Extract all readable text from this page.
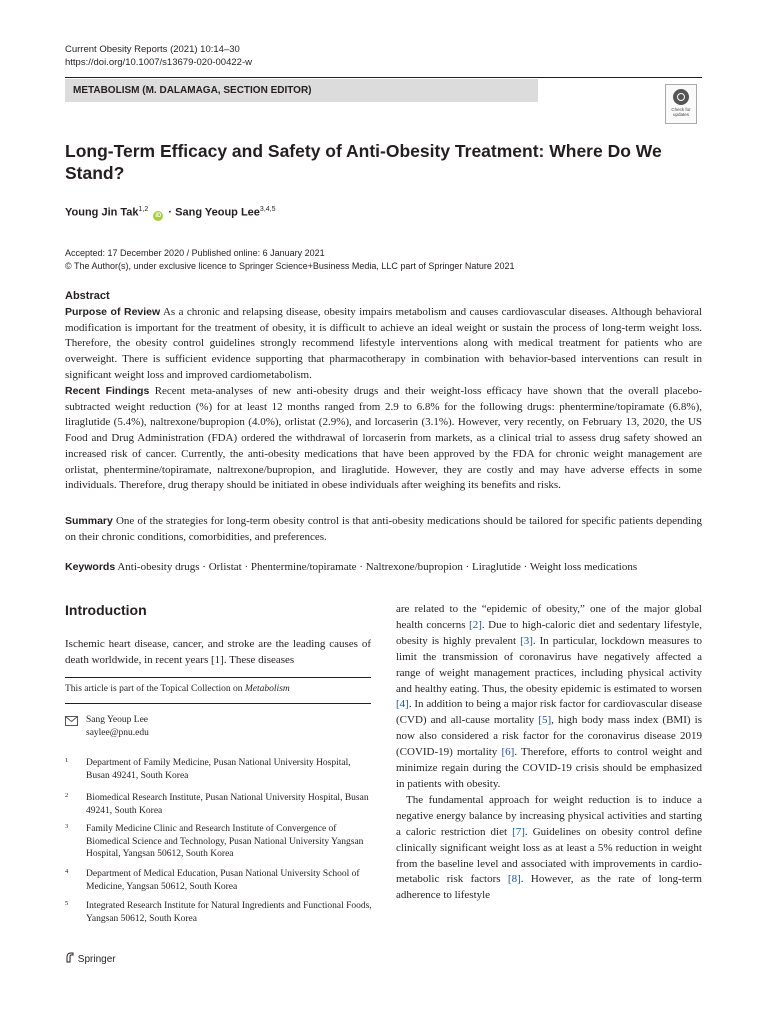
Current Obesity Reports (2021) 10:14–30
https://doi.org/10.1007/s13679-020-00422-w
METABOLISM (M. DALAMAGA, SECTION EDITOR)
Check for updates
Long-Term Efficacy and Safety of Anti-Obesity Treatment: Where Do We Stand?
Young Jin Tak$^{1,2}$ iD · Sang Yeoup Lee$^{3,4,5}$
Accepted: 17 December 2020 / Published online: 6 January 2021
© The Author(s), under exclusive licence to Springer Science+Business Media, LLC part of Springer Nature 2021
Abstract
Purpose of Review As a chronic and relapsing disease, obesity impairs metabolism and causes cardiovascular diseases. Although behavioral modification is important for the treatment of obesity, it is difficult to achieve an ideal weight or sustain the process of long-term weight loss. Therefore, the obesity control guidelines strongly recommend lifestyle interventions along with medical treatment for patients who are overweight. There is sufficient evidence supporting that pharmacotherapy in combination with behavior-based interventions can result in significant weight loss and improved cardiometabolism.
Recent Findings Recent meta-analyses of new anti-obesity drugs and their weight-loss efficacy have shown that the overall placebo-subtracted weight reduction (%) for at least 12 months ranged from 2.9 to 6.8% for the following drugs: phentermine/topiramate (6.8%), liraglutide (5.4%), naltrexone/bupropion (4.0%), orlistat (2.9%), and lorcaserin (3.1%). However, very recently, on February 13, 2020, the US Food and Drug Administration (FDA) ordered the withdrawal of lorcaserin from markets, as a clinical trial to assess drug safety showed an increased risk of cancer. Currently, the anti-obesity medications that have been approved by the FDA for chronic weight management are orlistat, phentermine/topiramate, naltrexone/bupropion, and liraglutide. However, they are costly and may have adverse effects in some individuals. Therefore, drug therapy should be initiated in obese individuals after weighing its benefits and risks.
Summary One of the strategies for long-term obesity control is that anti-obesity medications should be tailored for specific patients depending on their chronic conditions, comorbidities, and preferences.
Keywords Anti-obesity drugs · Orlistat · Phentermine/topiramate · Naltrexone/bupropion · Liraglutide · Weight loss medications
Introduction
Ischemic heart disease, cancer, and stroke are the leading causes of death worldwide, in recent years [1]. These diseases
This article is part of the Topical Collection on Metabolism
Sang Yeoup Lee
saylee@pnu.edu
1 Department of Family Medicine, Pusan National University Hospital, Busan 49241, South Korea
2 Biomedical Research Institute, Pusan National University Hospital, Busan 49241, South Korea
3 Family Medicine Clinic and Research Institute of Convergence of Biomedical Science and Technology, Pusan National University Yangsan Hospital, Yangsan 50612, South Korea
4 Department of Medical Education, Pusan National University School of Medicine, Yangsan 50612, South Korea
5 Integrated Research Institute for Natural Ingredients and Functional Foods, Yangsan 50612, South Korea
Springer

are related to the “epidemic of obesity,” one of the major global health concerns [2]. Due to high-caloric diet and sedentary lifestyle, obesity is highly prevalent [3]. In particular, lockdown measures to limit the transmission of coronavirus have negatively affected a range of weight management practices, including physical activity and healthy eating. Thus, the obesity epidemic is estimated to worsen [4]. In addition to being a major risk factor for cardiovascular disease (CVD) and all-cause mortality [5], high body mass index (BMI) is now also considered a risk factor for the coronavirus disease 2019 (COVID-19) mortality [6]. Therefore, efforts to control weight and minimize regain during the COVID-19 crisis should be emphasized in patients with obesity.

The fundamental approach for weight reduction is to induce a negative energy balance by increasing physical activities and starting a caloric restriction diet [7]. Guidelines on obesity control define clinically significant weight loss as at least a 5% reduction in weight from the baseline level and associated with improvements in cardio-metabolic risk factors [8]. However, as the rate of long-term adherence to lifestyle
